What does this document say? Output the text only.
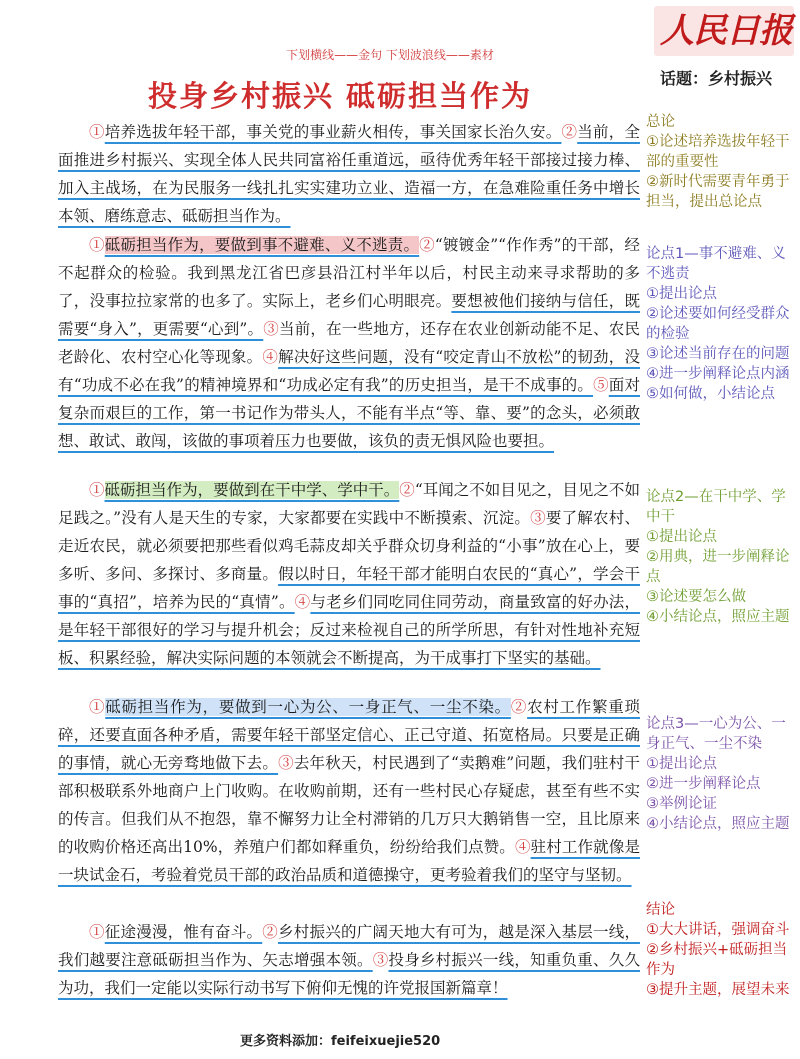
下划横线——金句 下划波浪线——素材
投身乡村振兴 砥砺担当作为
人民日报
话题：乡村振兴

①培养选拔年轻干部，事关党的事业薪火相传，事关国家长治久安。②当前，全面推进乡村振兴、实现全体人民共同富裕任重道远，亟待优秀年轻干部接过接力棒、加入主战场，在为民服务一线扎扎实实建功立业、造福一方，在急难险重任务中增长本领、磨练意志、砥砺担当作为。

①砥砺担当作为，要做到事不避难、义不逃责。②“镀镀金”“作作秀”的干部，经不起群众的检验。我到黑龙江省巴彦县沿江村半年以后，村民主动来寻求帮助的多了，没事拉拉家常的也多了。实际上，老乡们心明眼亮。要想被他们接纳与信任，既需要“身入”，更需要“心到”。③当前，在一些地方，还存在农业创新动能不足、农民老龄化、农村空心化等现象。④解决好这些问题，没有“咬定青山不放松”的韧劲，没有“功成不必在我”的精神境界和“功成必定有我”的历史担当，是干不成事的。⑤面对复杂而艰巨的工作，第一书记作为带头人，不能有半点“等、靠、要”的念头，必须敢想、敢试、敢闯，该做的事项着压力也要做，该负的责无惧风险也要担。

①砥砺担当作为，要做到在干中学、学中干。②“耳闻之不如目见之，目见之不如足践之。”没有人是天生的专家，大家都要在实践中不断摸索、沉淀。③要了解农村、走近农民，就必须要把那些看似鸡毛蒜皮却关乎群众切身利益的“小事”放在心上，要多听、多问、多探讨、多商量。假以时日，年轻干部才能明白农民的“真心”，学会干事的“真招”，培养为民的“真情”。④与老乡们同吃同住同劳动，商量致富的好办法，是年轻干部很好的学习与提升机会；反过来检视自己的所学所思，有针对性地补充短板、积累经验，解决实际问题的本领就会不断提高，为干成事打下坚实的基础。

①砥砺担当作为，要做到一心为公、一身正气、一尘不染。②农村工作繁重琐碎，还要直面各种矛盾，需要年轻干部坚定信心、正己守道、拓宽格局。只要是正确的事情，就心无旁骛地做下去。③去年秋天，村民遇到了“卖鹅难”问题，我们驻村干部积极联系外地商户上门收购。在收购前期，还有一些村民心存疑虑，甚至有些不实的传言。但我们从不抱怨，靠不懈努力让全村滞销的几万只大鹅销售一空，且比原来的收购价格还高出10%，养殖户们都如释重负，纷纷给我们点赞。④驻村工作就像是一块试金石，考验着党员干部的政治品质和道德操守，更考验着我们的坚守与坚韧。

①征途漫漫，惟有奋斗。②乡村振兴的广阔天地大有可为，越是深入基层一线，我们越要注意砥砺担当作为、矢志增强本领。③投身乡村振兴一线，知重负重、久久为功，我们一定能以实际行动书写下俯仰无愧的许党报国新篇章！

总论
①论述培养选拔年轻干部的重要性
②新时代需要青年勇于担当，提出总论点
论点1—事不避难、义不逃责
①提出论点
②论述要如何经受群众的检验
③论述当前存在的问题
④进一步阐释论点内涵
⑤如何做，小结论点
论点2—在干中学、学中干
①提出论点
②用典，进一步阐释论点
③论述要怎么做
④小结论点，照应主题
论点3—一心为公、一身正气、一尘不染
①提出论点
②进一步阐释论点
③举例论证
④小结论点，照应主题
结论
①大大讲话，强调奋斗
②乡村振兴+砥砺担当作为
③提升主题，展望未来
更多资料添加：feifeixuejie520
